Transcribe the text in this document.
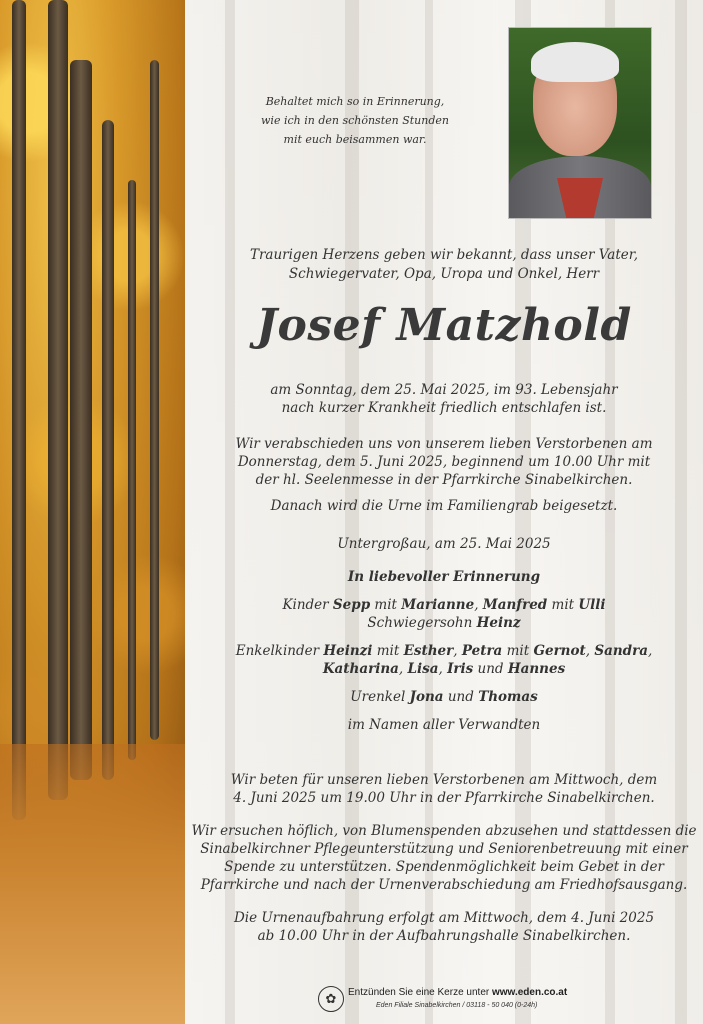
Behaltet mich so in Erinnerung,
wie ich in den schönsten Stunden
mit euch beisammen war.
Traurigen Herzens geben wir bekannt, dass unser Vater,
Schwiegervater, Opa, Uropa und Onkel, Herr
Josef Matzhold
am Sonntag, dem 25. Mai 2025, im 93. Lebensjahr
nach kurzer Krankheit friedlich entschlafen ist.
Wir verabschieden uns von unserem lieben Verstorbenen am
Donnerstag, dem 5. Juni 2025, beginnend um 10.00 Uhr mit
der hl. Seelenmesse in der Pfarrkirche Sinabelkirchen.
Danach wird die Urne im Familiengrab beigesetzt.
Untergroßau, am 25. Mai 2025
In liebevoller Erinnerung
Kinder Sepp mit Marianne, Manfred mit Ulli
Schwiegersohn Heinz
Enkelkinder Heinzi mit Esther, Petra mit Gernot, Sandra,
Katharina, Lisa, Iris und Hannes
Urenkel Jona und Thomas
im Namen aller Verwandten
Wir beten für unseren lieben Verstorbenen am Mittwoch, dem
4. Juni 2025 um 19.00 Uhr in der Pfarrkirche Sinabelkirchen.
Wir ersuchen höflich, von Blumenspenden abzusehen und stattdessen die
Sinabelkirchner Pflegeunterstützung und Seniorenbetreuung mit einer
Spende zu unterstützen. Spendenmöglichkeit beim Gebet in der
Pfarrkirche und nach der Urnenverabschiedung am Friedhofsausgang.
Die Urnenaufbahrung erfolgt am Mittwoch, dem 4. Juni 2025
ab 10.00 Uhr in der Aufbahrungshalle Sinabelkirchen.
✿	Entzünden Sie eine Kerze unter www.eden.co.at
Eden Filiale Sinabelkirchen / 03118 - 50 040 (0-24h)
